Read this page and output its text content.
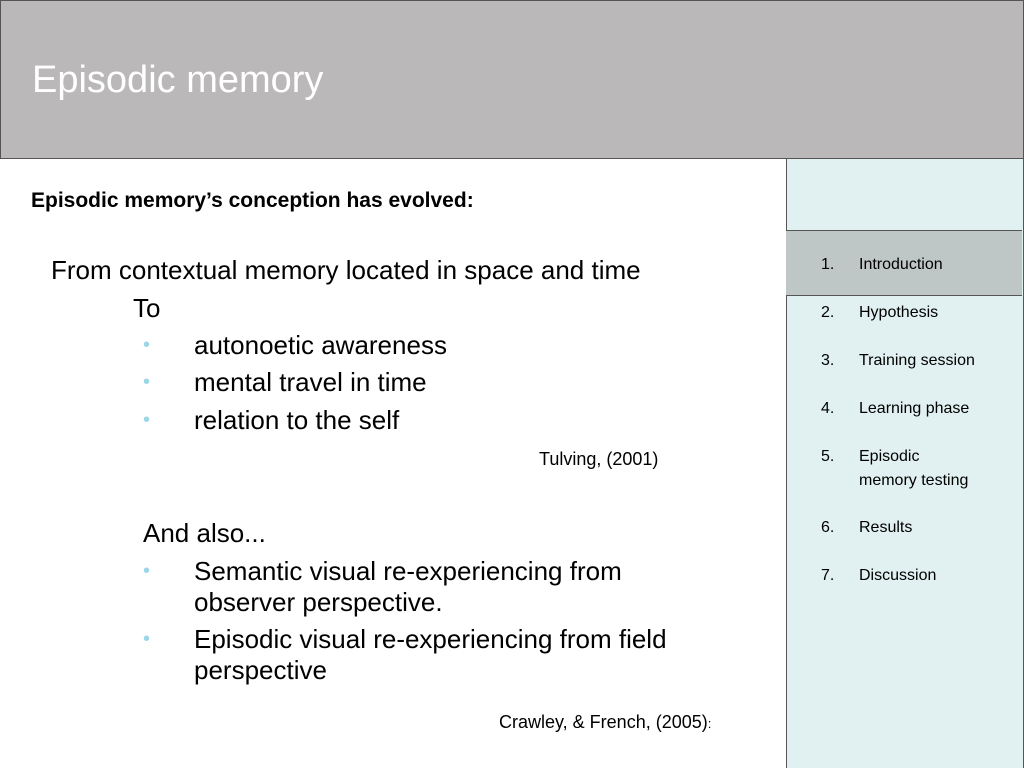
Episodic memory
1.	Introduction
2.	Hypothesis
3.	Training session
4.	Learning phase
5.	Episodic memory testing
6.	Results
7.	Discussion
Episodic memory’s conception has evolved:
From contextual memory located in space and time
To
• autonoetic awareness
• mental travel in time
• relation to the self
Tulving, (2001)
And also...
• Semantic visual re-experiencing from
observer perspective.
• Episodic visual re-experiencing from field
perspective
Crawley, & French, (2005):
